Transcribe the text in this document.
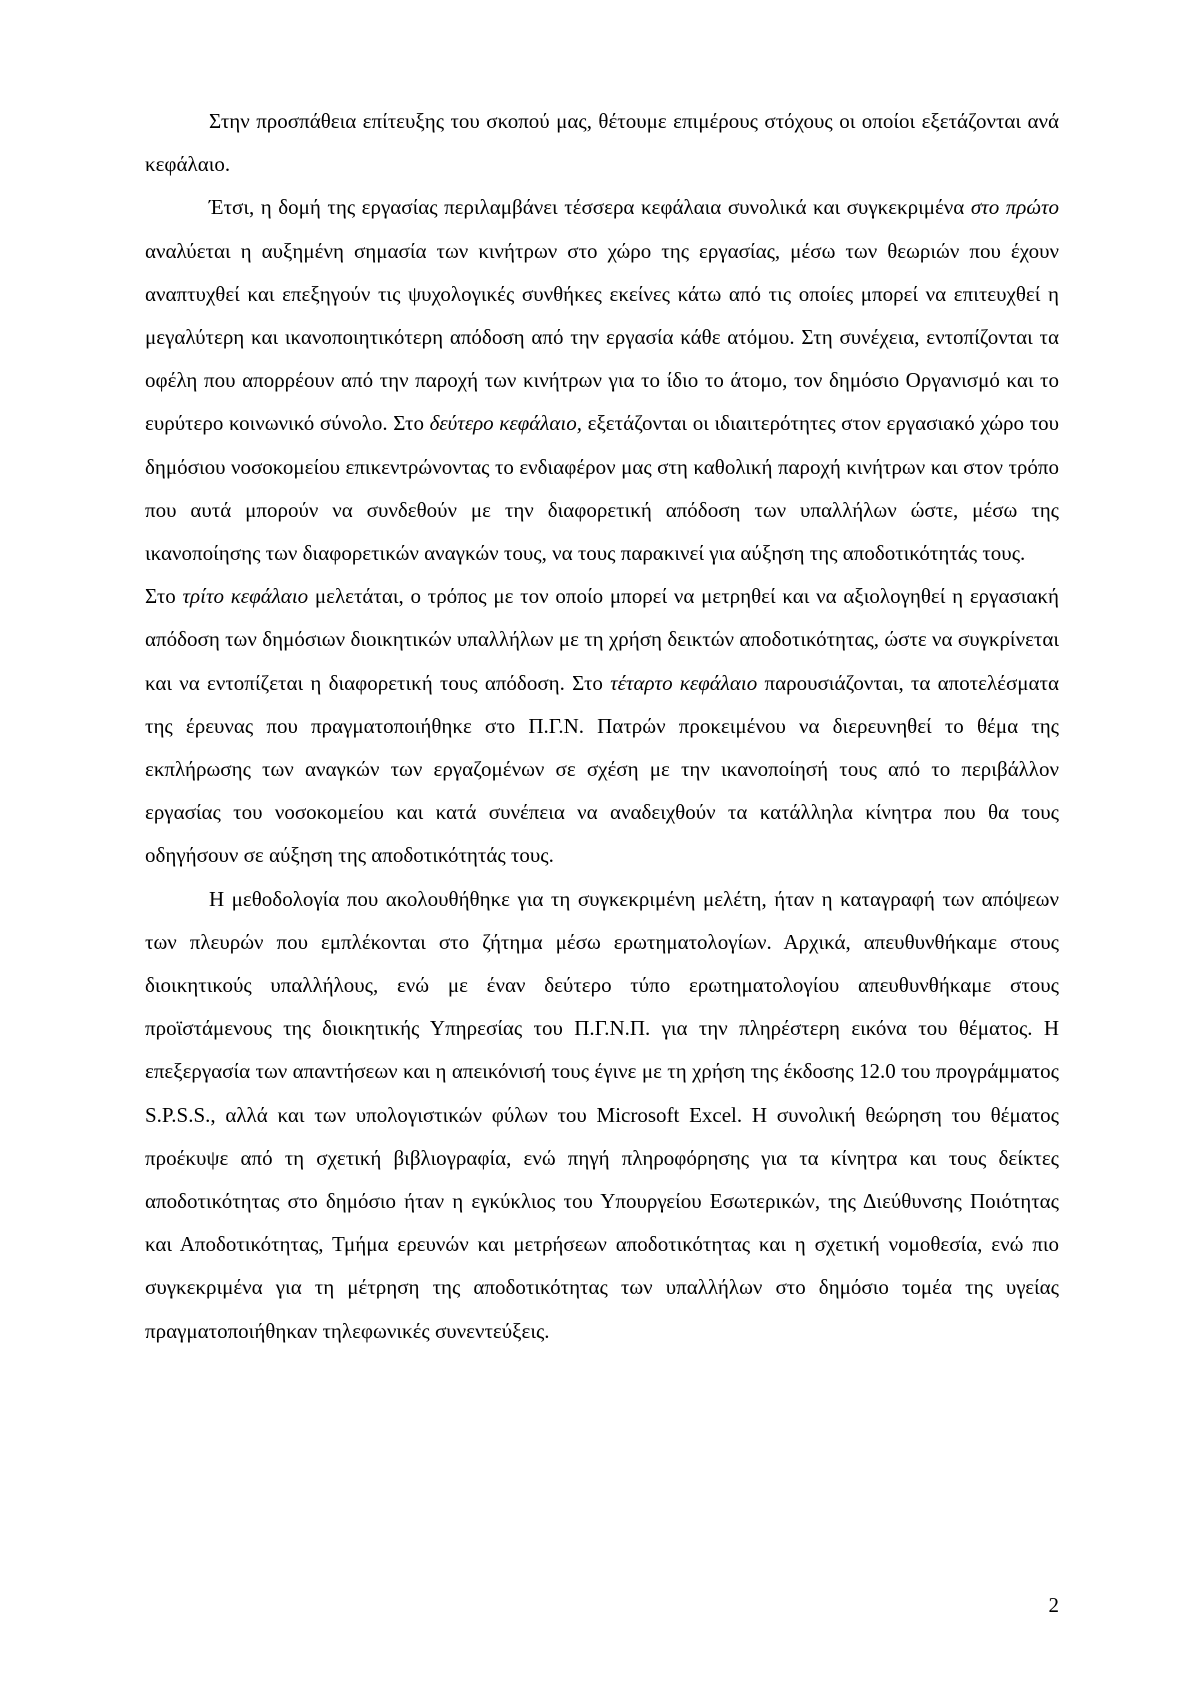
Στην προσπάθεια επίτευξης του σκοπού μας, θέτουμε επιμέρους στόχους οι οποίοι εξετάζονται ανά κεφάλαιο.

Έτσι, η δομή της εργασίας περιλαμβάνει τέσσερα κεφάλαια συνολικά και συγκεκριμένα στο πρώτο αναλύεται η αυξημένη σημασία των κινήτρων στο χώρο της εργασίας, μέσω των θεωριών που έχουν αναπτυχθεί και επεξηγούν τις ψυχολογικές συνθήκες εκείνες κάτω από τις οποίες μπορεί να επιτευχθεί η μεγαλύτερη και ικανοποιητικότερη απόδοση από την εργασία κάθε ατόμου. Στη συνέχεια, εντοπίζονται τα οφέλη που απορρέουν από την παροχή των κινήτρων για το ίδιο το άτομο, τον δημόσιο Οργανισμό και το ευρύτερο κοινωνικό σύνολο. Στο δεύτερο κεφάλαιο, εξετάζονται οι ιδιαιτερότητες στον εργασιακό χώρο του δημόσιου νοσοκομείου επικεντρώνοντας το ενδιαφέρον μας στη καθολική παροχή κινήτρων και στον τρόπο που αυτά μπορούν να συνδεθούν με την διαφορετική απόδοση των υπαλλήλων ώστε, μέσω της ικανοποίησης των διαφορετικών αναγκών τους, να τους παρακινεί για αύξηση της αποδοτικότητάς τους.

Στο τρίτο κεφάλαιο μελετάται, ο τρόπος με τον οποίο μπορεί να μετρηθεί και να αξιολογηθεί η εργασιακή απόδοση των δημόσιων διοικητικών υπαλλήλων με τη χρήση δεικτών αποδοτικότητας, ώστε να συγκρίνεται και να εντοπίζεται η διαφορετική τους απόδοση. Στο τέταρτο κεφάλαιο παρουσιάζονται, τα αποτελέσματα της έρευνας που πραγματοποιήθηκε στο Π.Γ.Ν. Πατρών προκειμένου να διερευνηθεί το θέμα της εκπλήρωσης των αναγκών των εργαζομένων σε σχέση με την ικανοποίησή τους από το περιβάλλον εργασίας του νοσοκομείου και κατά συνέπεια να αναδειχθούν τα κατάλληλα κίνητρα που θα τους οδηγήσουν σε αύξηση της αποδοτικότητάς τους.

Η μεθοδολογία που ακολουθήθηκε για τη συγκεκριμένη μελέτη, ήταν η καταγραφή των απόψεων των πλευρών που εμπλέκονται στο ζήτημα μέσω ερωτηματολογίων. Αρχικά, απευθυνθήκαμε στους διοικητικούς υπαλλήλους, ενώ με έναν δεύτερο τύπο ερωτηματολογίου απευθυνθήκαμε στους προϊστάμενους της διοικητικής Υπηρεσίας του Π.Γ.Ν.Π. για την πληρέστερη εικόνα του θέματος. Η επεξεργασία των απαντήσεων και η απεικόνισή τους έγινε με τη χρήση της έκδοσης 12.0 του προγράμματος S.P.S.S., αλλά και των υπολογιστικών φύλων του Microsoft Excel. Η συνολική θεώρηση του θέματος προέκυψε από τη σχετική βιβλιογραφία, ενώ πηγή πληροφόρησης για τα κίνητρα και τους δείκτες αποδοτικότητας στο δημόσιο ήταν η εγκύκλιος του Υπουργείου Εσωτερικών, της Διεύθυνσης Ποιότητας και Αποδοτικότητας, Τμήμα ερευνών και μετρήσεων αποδοτικότητας και η σχετική νομοθεσία, ενώ πιο συγκεκριμένα για τη μέτρηση της αποδοτικότητας των υπαλλήλων στο δημόσιο τομέα της υγείας πραγματοποιήθηκαν τηλεφωνικές συνεντεύξεις.

2
